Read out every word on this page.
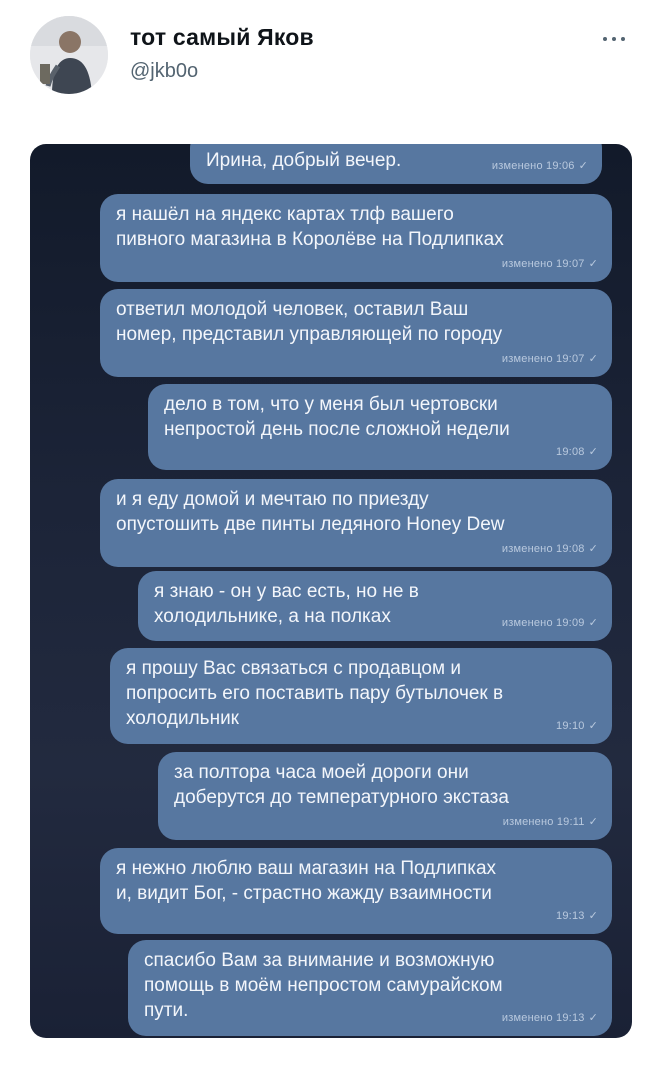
тот самый Яков
@jkb0o
Ирина, добрый вечер.	изменено 19:06 ✓
я нашёл на яндекс картах тлф вашего
пивного магазина в Королёве на Подлипках
изменено 19:07 ✓
ответил молодой человек, оставил Ваш
номер, представил управляющей по городу
изменено 19:07 ✓
дело в том, что у меня был чертовски
непростой день после сложной недели
19:08 ✓
и я еду домой и мечтаю по приезду
опустошить две пинты ледяного Honey Dew
изменено 19:08 ✓
я знаю - он у вас есть, но не в
холодильнике, а на полках	изменено 19:09 ✓
я прошу Вас связаться с продавцом и
попросить его поставить пару бутылочек в
холодильник	19:10 ✓
за полтора часа моей дороги они
доберутся до температурного экстаза
изменено 19:11 ✓
я нежно люблю ваш магазин на Подлипках
и, видит Бог, - страстно жажду взаимности
19:13 ✓
спасибо Вам за внимание и возможную
помощь в моём непростом самурайском
пути.	изменено 19:13 ✓
